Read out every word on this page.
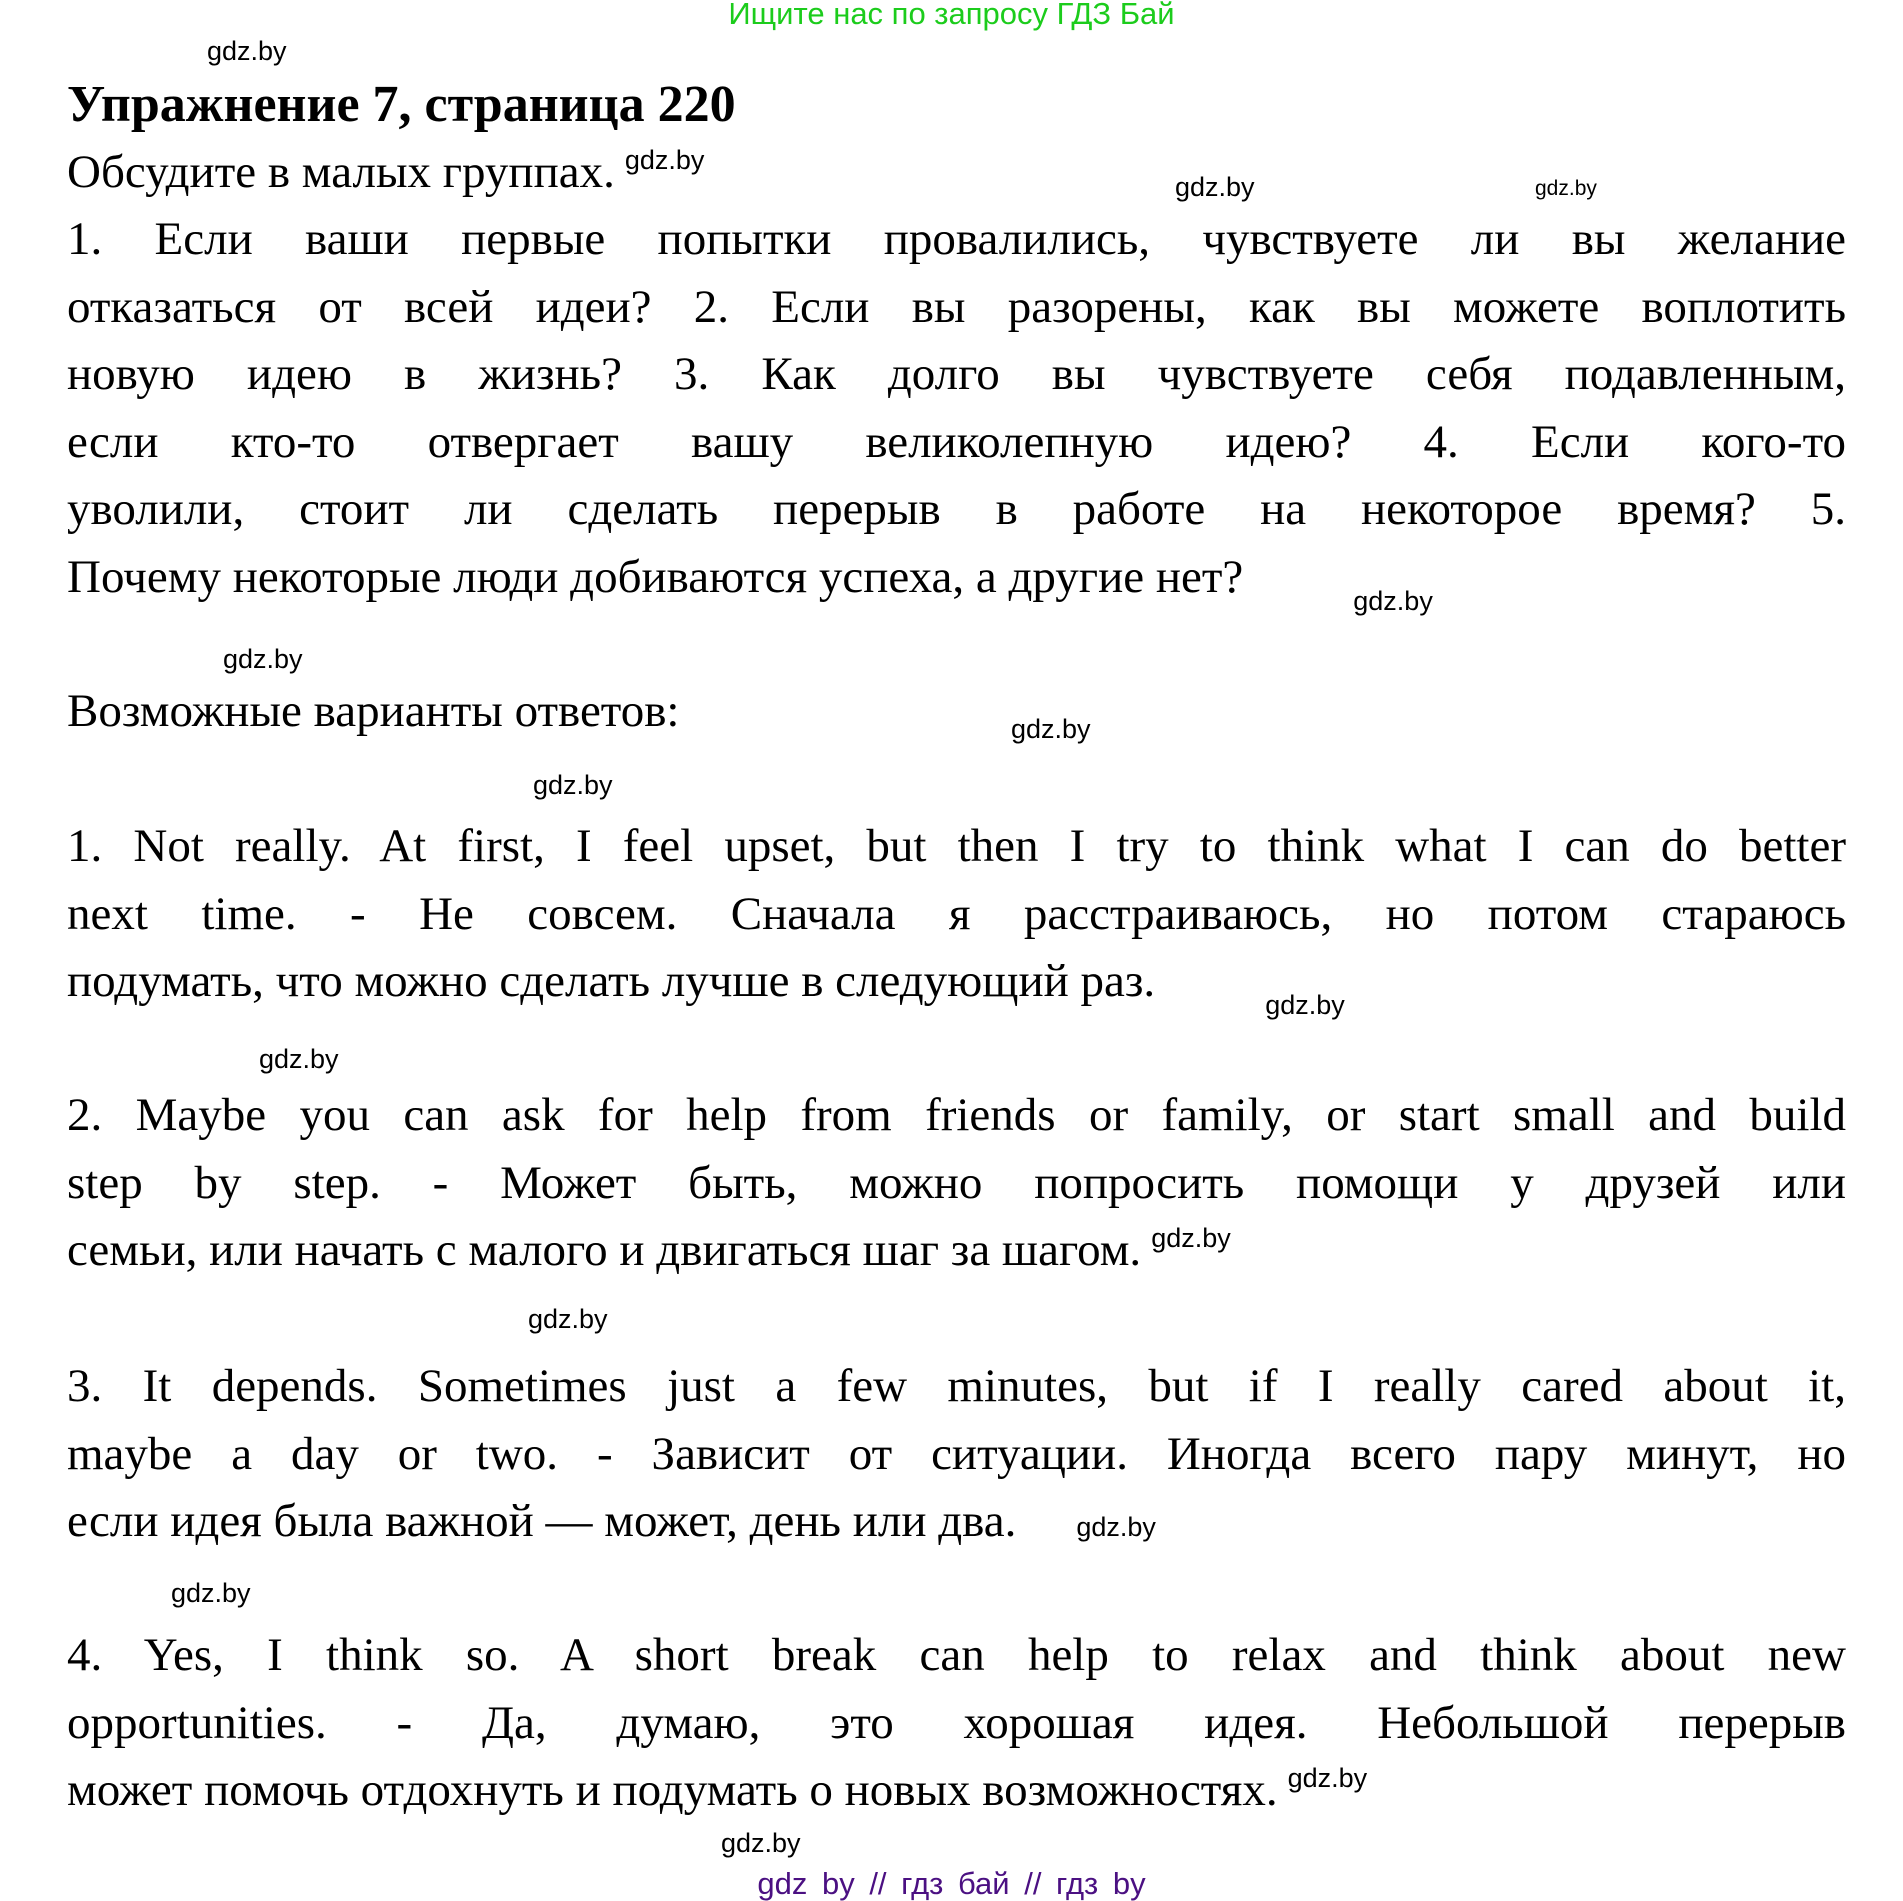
Ищите нас по запросу ГДЗ Бай
Упражнение 7, страница 220
Обсудите в малых группах. $^{gdz.by}$
1. Если ваши первые попытки провалились, чувствуете ли вы желание
отказаться от всей идеи? 2. Если вы разорены, как вы можете воплотить
новую идею в жизнь? 3. Как долго вы чувствуете себя подавленным,
если кто-то отвергает вашу великолепную идею? 4. Если кого-то
уволили, стоит ли сделать перерыв в работе на некоторое время? 5.
Почему некоторые люди добиваются успеха, а другие нет?	$_{gdz.by}$
Возможные варианты ответов:
1. Not really. At first, I feel upset, but then I try to think what I can do better
next time. - Не совсем. Сначала я расстраиваюсь, но потом стараюсь
подумать, что можно сделать лучше в следующий раз.	$_{gdz.by}$
2. Maybe you can ask for help from friends or family, or start small and build
step by step. - Может быть, можно попросить помощи у друзей или
семьи, или начать с малого и двигаться шаг за шагом. $^{gdz.by}$
3. It depends. Sometimes just a few minutes, but if I really cared about it,
maybe a day or two. - Зависит от ситуации. Иногда всего пару минут, но
если идея была важной — может, день или два. gdz.by
4. Yes, I think so. A short break can help to relax and think about new
opportunities. - Да, думаю, это хорошая идея. Небольшой перерыв
может помочь отдохнуть и подумать о новых возможностях. $^{gdz.by}$
gdz.by
gdz.by	gdz.by
gdz.by
gdz.by
gdz.by
gdz.by
gdz.by
gdz.by
gdz.by
gdz by // гдз бай // гдз by
